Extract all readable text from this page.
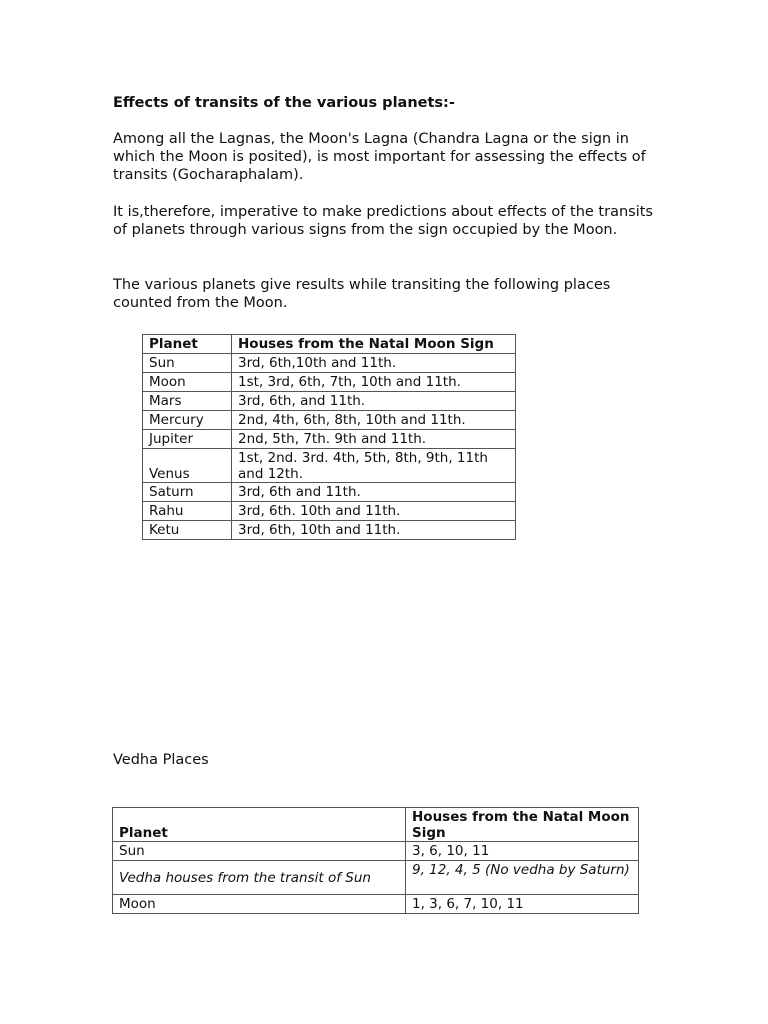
Effects of transits of the various planets:-

Among all the Lagnas, the Moon's Lagna (Chandra Lagna or the sign in which the Moon is posited), is most important for assessing the effects of transits (Gocharaphalam).

It is,therefore, imperative to make predictions about effects of the transits of planets through various signs from the sign occupied by the Moon.

The various planets give results while transiting the following places counted from the Moon.

Planet	Houses from the Natal Moon Sign
Sun	3rd, 6th,10th and 11th.
Moon	1st, 3rd, 6th, 7th, 10th and 11th.
Mars	3rd, 6th, and 11th.
Mercury	2nd, 4th, 6th, 8th, 10th and 11th.
Jupiter	2nd, 5th, 7th. 9th and 11th.
Venus	1st, 2nd. 3rd. 4th, 5th, 8th, 9th, 11th and 12th.
Saturn	3rd, 6th and 11th.
Rahu	3rd, 6th. 10th and 11th.
Ketu	3rd, 6th, 10th and 11th.
Vedha Places
Planet	Houses from the Natal Moon Sign
Sun	3, 6, 10, 11
Vedha houses from the transit of Sun	9, 12, 4, 5 (No vedha by Saturn)
Moon	1, 3, 6, 7, 10, 11
